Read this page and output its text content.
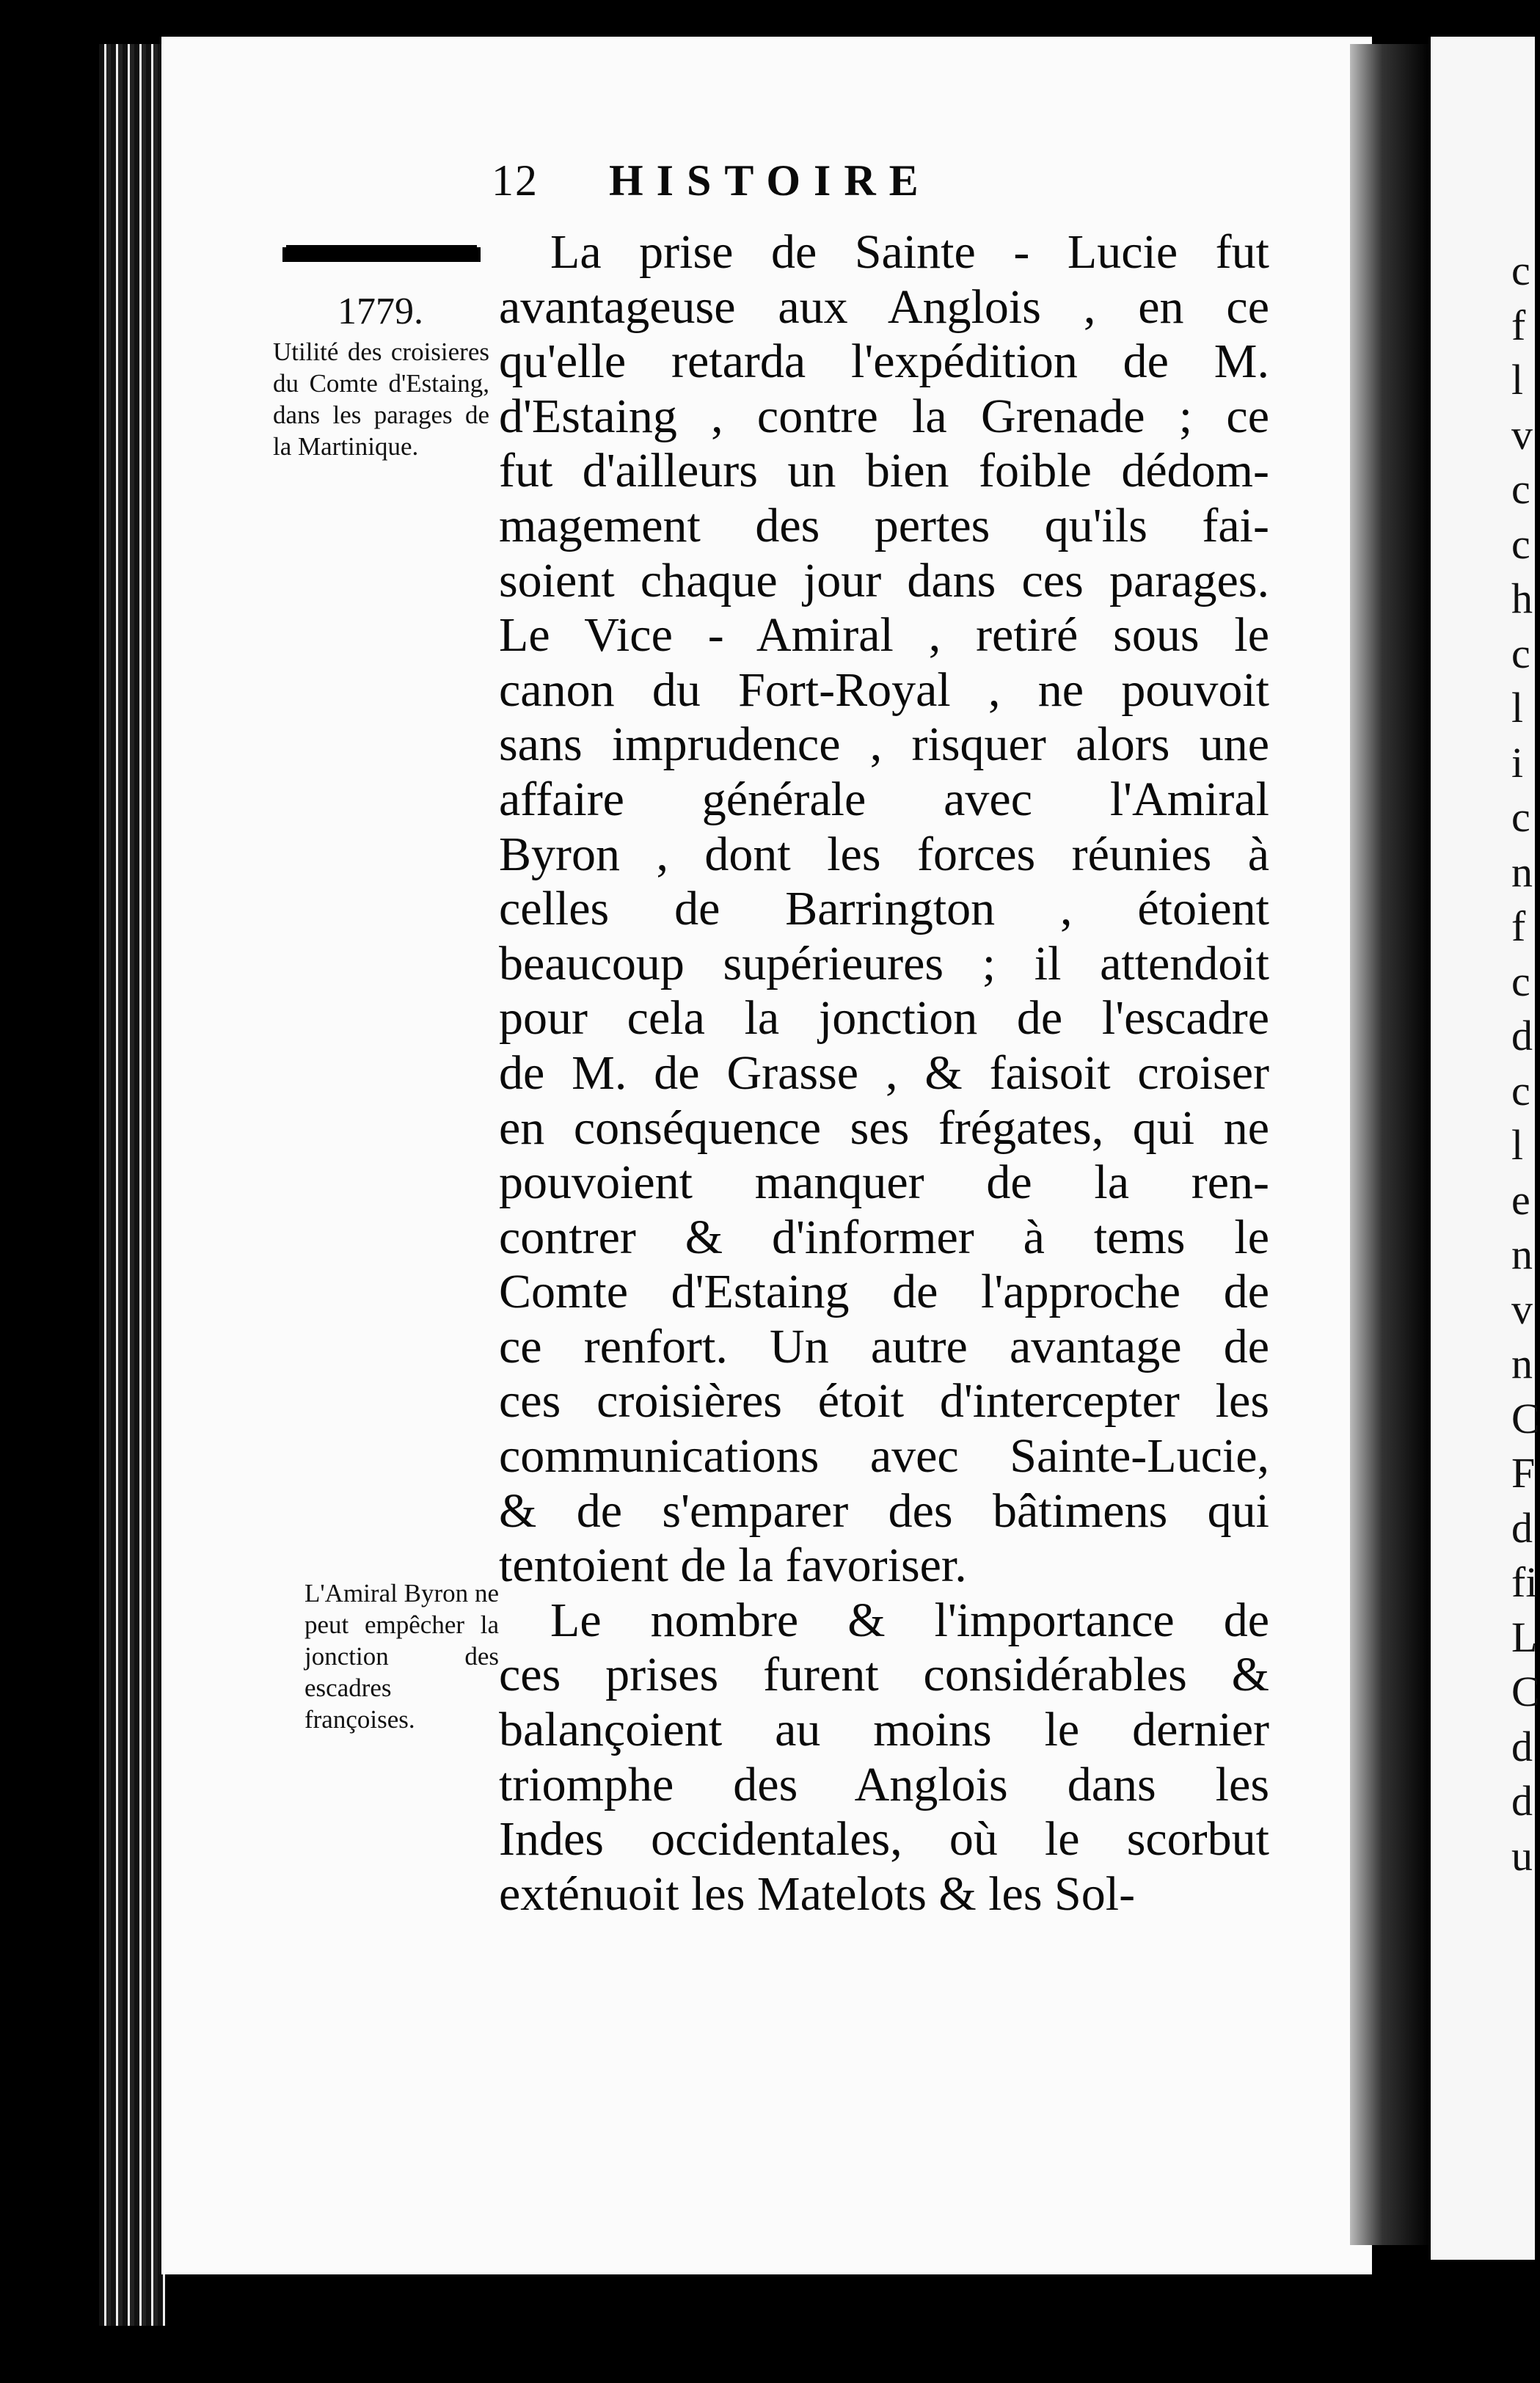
c
f
l
v
c
c
h
c
l
i
c
n
f
c
d
c
l
e
n
v
n
C
F
d
fi
L
C
d
d
u
12 HISTOIRE
1779.
Utilité des croisieres du Comte d'Estaing, dans les parages de la Martinique.
L'Amiral Byron ne peut empêcher la jonction des escadres françoises.
La prise de Sainte - Lucie fut
avantageuse aux Anglois , en ce
qu'elle retarda l'expédition de M.
d'Estaing , contre la Grenade ; ce
fut d'ailleurs un bien foible dédom-
magement des pertes qu'ils fai-
soient chaque jour dans ces parages.
Le Vice - Amiral , retiré sous le
canon du Fort-Royal , ne pouvoit
sans imprudence , risquer alors une
affaire générale avec l'Amiral
Byron , dont les forces réunies à
celles de Barrington , étoient
beaucoup supérieures ; il attendoit
pour cela la jonction de l'escadre
de M. de Grasse , & faisoit croiser
en conséquence ses frégates, qui ne
pouvoient manquer de la ren-
contrer & d'informer à tems le
Comte d'Estaing de l'approche de
ce renfort. Un autre avantage de
ces croisières étoit d'intercepter les
communications avec Sainte-Lucie,
& de s'emparer des bâtimens qui
tentoient de la favoriser.
Le nombre & l'importance de
ces prises furent considérables &
balançoient au moins le dernier
triomphe des Anglois dans les
Indes occidentales, où le scorbut
exténuoit les Matelots & les Sol-
